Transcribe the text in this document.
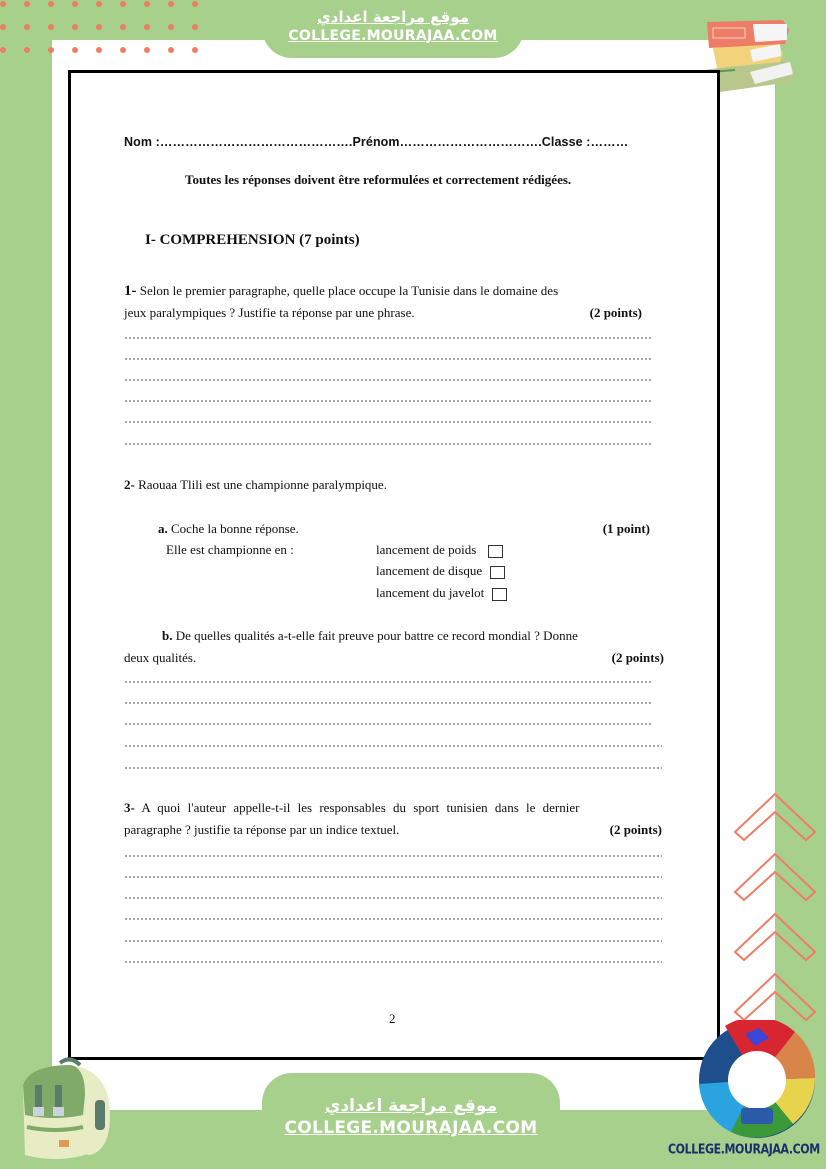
موقع مراجعة اعدادي
COLLEGE.MOURAJAA.COM
Nom :……………………………………….Prénom…………………………….Classe :………
Toutes les réponses doivent être reformulées et correctement rédigées.
I- COMPREHENSION (7 points)
1- Selon le premier paragraphe, quelle place occupe la Tunisie dans le domaine des
jeux paralympiques ? Justifie ta réponse par une phrase.	(2 points)
2- Raouaa Tlili est une championne paralympique.
a. Coche la bonne réponse.	(1 point)
Elle est championne en :	lancement de poids
lancement de disque
lancement du javelot
b. De quelles qualités a-t-elle fait preuve pour battre ce record mondial ? Donne
deux qualités.	(2 points)
3- A quoi l'auteur appelle-t-il les responsables du sport tunisien dans le dernier
paragraphe ? justifie ta réponse par un indice textuel.	(2 points)
2
موقع مراجعة اعدادي
COLLEGE.MOURAJAA.COM
COLLEGE.MOURAJAA.COM
